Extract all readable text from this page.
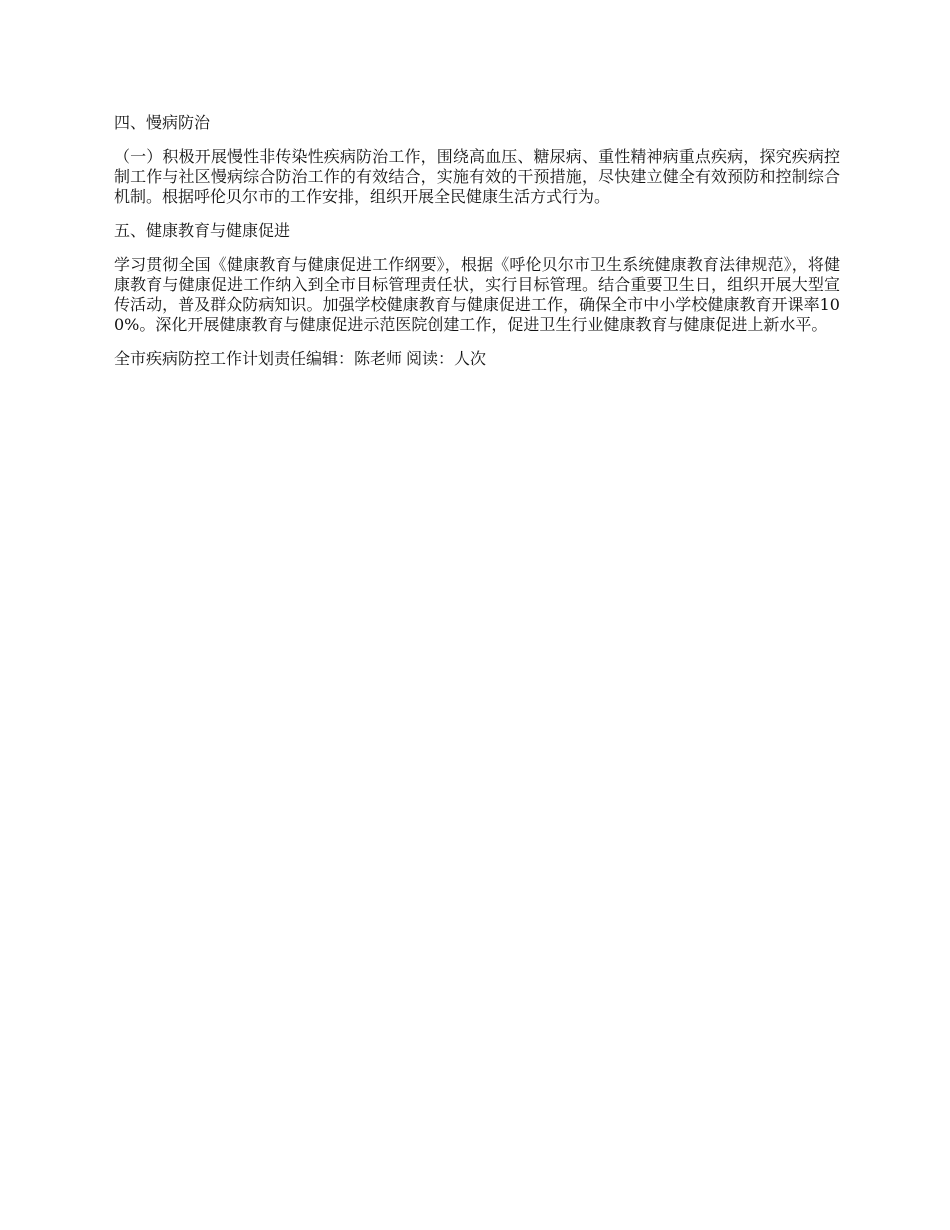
四、慢病防治

（一）积极开展慢性非传染性疾病防治工作，围绕高血压、糖尿病、重性精神病重点疾病，探究疾病控制工作与社区慢病综合防治工作的有效结合，实施有效的干预措施，尽快建立健全有效预防和控制综合机制。根据呼伦贝尔市的工作安排，组织开展全民健康生活方式行为。

五、健康教育与健康促进

学习贯彻全国《健康教育与健康促进工作纲要》，根据《呼伦贝尔市卫生系统健康教育法律规范》，将健康教育与健康促进工作纳入到全市目标管理责任状，实行目标管理。结合重要卫生日，组织开展大型宣传活动，普及群众防病知识。加强学校健康教育与健康促进工作，确保全市中小学校健康教育开课率100%。深化开展健康教育与健康促进示范医院创建工作，促进卫生行业健康教育与健康促进上新水平。

全市疾病防控工作计划责任编辑：陈老师 阅读：人次
